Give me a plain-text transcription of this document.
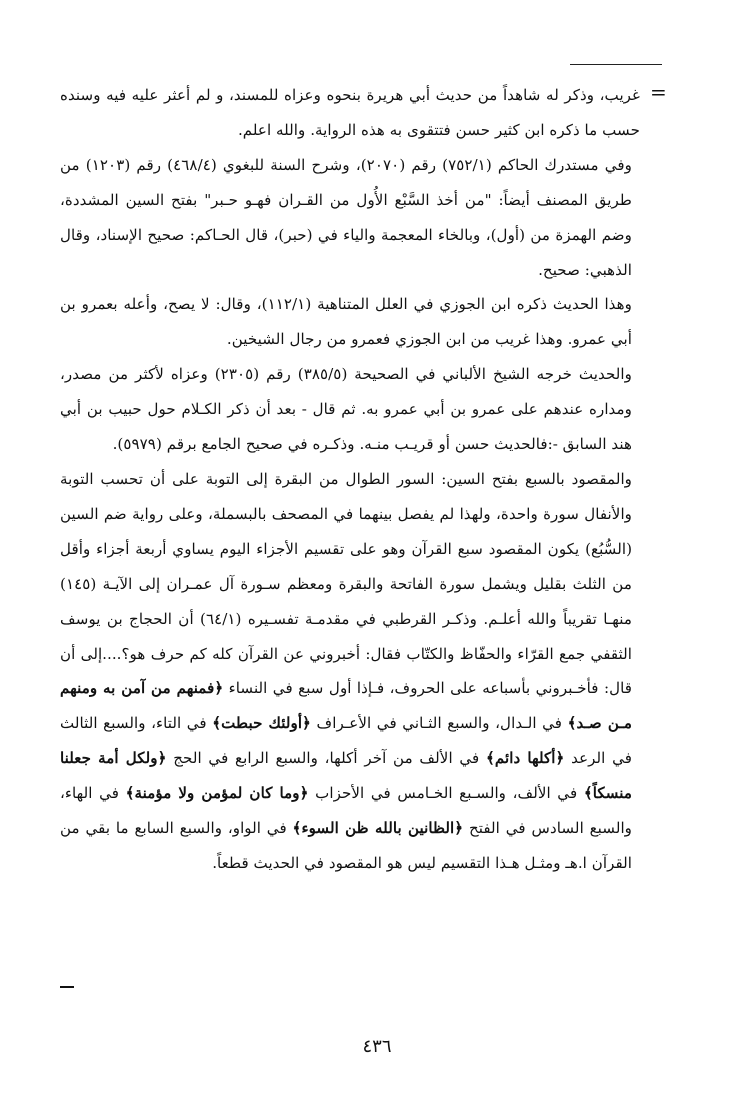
=

غريب، وذكر له شاهداً من حديث أبي هريرة بنحوه وعزاه للمسند، و لم أعثر عليه فيه وسنده حسب ما ذكره ابن كثير حسن فتتقوى به هذه الرواية. والله اعلم.

وفي مستدرك الحاكم (٧٥٢/١) رقم (٢٠٧٠)، وشرح السنة للبغوي (٤٦٨/٤) رقم (١٢٠٣) من طريق المصنف أيضاً: "من أخذ السَّبْع الأُول من القـران فهـو حـبر" بفتح السين المشددة، وضم الهمزة من (أول)، وبالخاء المعجمة والياء في (حبر)، قال الحـاكم: صحيح الإسناد، وقال الذهبي: صحيح.

وهذا الحديث ذكره ابن الجوزي في العلل المتناهية (١١٢/١)، وقال: لا يصح، وأعله بعمرو بن أبي عمرو. وهذا غريب من ابن الجوزي فعمرو من رجال الشيخين.

والحديث خرجه الشيخ الألباني في الصحيحة (٣٨٥/٥) رقم (٢٣٠٥) وعزاه لأكثر من مصدر، ومداره عندهم على عمرو بن أبي عمرو به. ثم قال - بعد أن ذكر الكـلام حول حبيب بن أبي هند السابق -:فالحديث حسن أو قريـب منـه. وذكـره في صحيح الجامع برقم (٥٩٧٩).

والمقصود بالسبع بفتح السين: السور الطوال من البقرة إلى التوبة على أن تحسب التوبة والأنفال سورة واحدة، ولهذا لم يفصل بينهما في المصحف بالبسملة، وعلى رواية ضم السين (السُّبُع) يكون المقصود سبع القرآن وهو على تقسيم الأجزاء اليوم يساوي أربعة أجزاء وأقل من الثلث بقليل ويشمل سورة الفاتحة والبقرة ومعظم سـورة آل عمـران إلى الآيـة (١٤٥) منهـا تقريباً والله أعلـم. وذكـر القرطبي في مقدمـة تفسـيره (٦٤/١) أن الحجاج بن يوسف الثقفي جمع القرّاء والحفّاظ والكتّاب فقال: أخبروني عن القرآن كله كم حرف هو؟....إلى أن قال: فأخـبروني بأسباعه على الحروف، فـإذا أول سبع في النساء ﴿فمنهم من آمن به ومنهم مـن صـد﴾ في الـدال، والسبع الثـاني في الأعـراف ﴿أولئك حبطت﴾ في التاء، والسبع الثالث في الرعد ﴿أكلها دائم﴾ في الألف من آخر أكلها، والسبع الرابع في الحج ﴿ولكل أمة جعلنا منسكاً﴾ في الألف، والسـبع الخـامس في الأحزاب ﴿وما كان لمؤمن ولا مؤمنة﴾ في الهاء، والسبع السادس في الفتح ﴿الظانين بالله ظن السوء﴾ في الواو، والسبع السابع ما بقي من القرآن ا.هـ ومثـل هـذا التقسيم ليس هو المقصود في الحديث قطعاً.

٤٣٦
